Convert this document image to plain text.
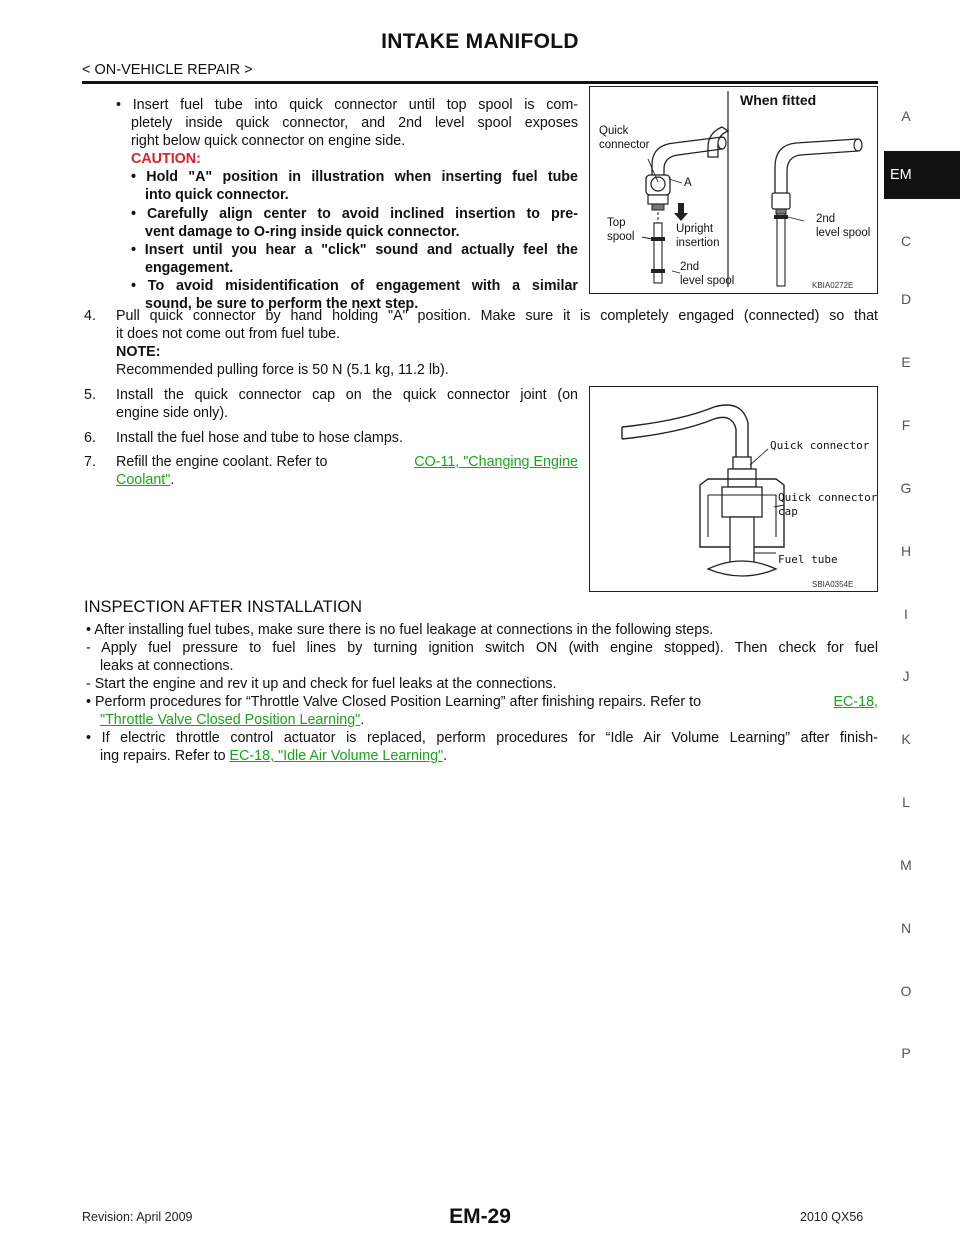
INTAKE MANIFOLD
< ON-VEHICLE REPAIR >
A
EM
C
D
E
F
G
H
I
J
K
L
M
N
O
P
• Insert fuel tube into quick connector until top spool is com-
pletely inside quick connector, and 2nd level spool exposes
right below quick connector on engine side.
CAUTION:
• Hold "A" position in illustration when inserting fuel tube
into quick connector.
• Carefully align center to avoid inclined insertion to pre-
vent damage to O-ring inside quick connector.
• Insert until you hear a "click" sound and actually feel the
engagement.
• To avoid misidentification of engagement with a similar
sound, be sure to perform the next step.
When fitted
Quick
connector
A
Top
spool
Upright
insertion
2nd
level spool
2nd
level spool
KBIA0272E
4. Pull quick connector by hand holding "A" position. Make sure it is completely engaged (connected) so that
it does not come out from fuel tube.
NOTE:
Recommended pulling force is 50 N (5.1 kg, 11.2 lb).
5. Install the quick connector cap on the quick connector joint (on
engine side only).
6. Install the fuel hose and tube to hose clamps.
7. Refill the engine coolant. Refer to	CO-11, "Changing Engine
Coolant".
Quick connector
Quick connector
cap
Fuel tube
SBIA0354E
INSPECTION AFTER INSTALLATION
• After installing fuel tubes, make sure there is no fuel leakage at connections in the following steps.
- Apply fuel pressure to fuel lines by turning ignition switch ON (with engine stopped). Then check for fuel
leaks at connections.
- Start the engine and rev it up and check for fuel leaks at the connections.
• Perform procedures for “Throttle Valve Closed Position Learning” after finishing repairs. Refer to	EC-18,
"Throttle Valve Closed Position Learning".
• If electric throttle control actuator is replaced, perform procedures for “Idle Air Volume Learning” after finish-
ing repairs. Refer to EC-18, "Idle Air Volume Learning".
Revision: April 2009	EM-29	2010 QX56
